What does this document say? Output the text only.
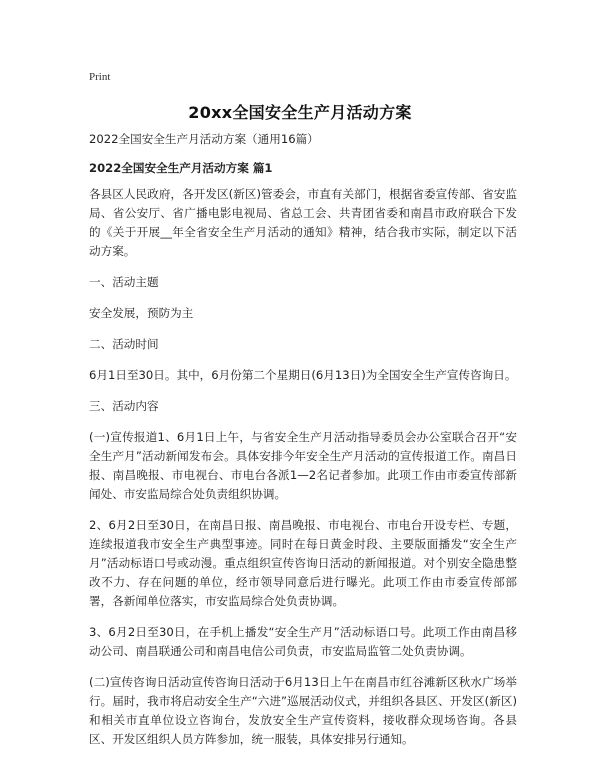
Print
20xx全国安全生产月活动方案

2022全国安全生产月活动方案（通用16篇）

2022全国安全生产月活动方案 篇1

各县区人民政府，各开发区(新区)管委会，市直有关部门，根据省委宣传部、省安监局、省公安厅、省广播电影电视局、省总工会、共青团省委和南昌市政府联合下发的《关于开展__年全省安全生产月活动的通知》精神，结合我市实际，制定以下活动方案。

一、活动主题

安全发展，预防为主

二、活动时间

6月1日至30日。其中，6月份第二个星期日(6月13日)为全国安全生产宣传咨询日。

三、活动内容

(一)宣传报道1、6月1日上午，与省安全生产月活动指导委员会办公室联合召开“安全生产月”活动新闻发布会。具体安排今年安全生产月活动的宣传报道工作。南昌日报、南昌晚报、市电视台、市电台各派1—2名记者参加。此项工作由市委宣传部新闻处、市安监局综合处负责组织协调。

2、6月2日至30日，在南昌日报、南昌晚报、市电视台、市电台开设专栏、专题，连续报道我市安全生产典型事迹。同时在每日黄金时段、主要版面播发“安全生产月”活动标语口号或动漫。重点组织宣传咨询日活动的新闻报道。对个别安全隐患整改不力、存在问题的单位，经市领导同意后进行曝光。此项工作由市委宣传部部署，各新闻单位落实，市安监局综合处负责协调。

3、6月2日至30日，在手机上播发“安全生产月”活动标语口号。此项工作由南昌移动公司、南昌联通公司和南昌电信公司负责，市安监局监管二处负责协调。

(二)宣传咨询日活动宣传咨询日活动于6月13日上午在南昌市红谷滩新区秋水广场举行。届时，我市将启动安全生产“六进”巡展活动仪式，并组织各县区、开发区(新区)和相关市直单位设立咨询台，发放安全生产宣传资料，接收群众现场咨询。各县区、开发区组织人员方阵参加，统一服装，具体安排另行通知。
